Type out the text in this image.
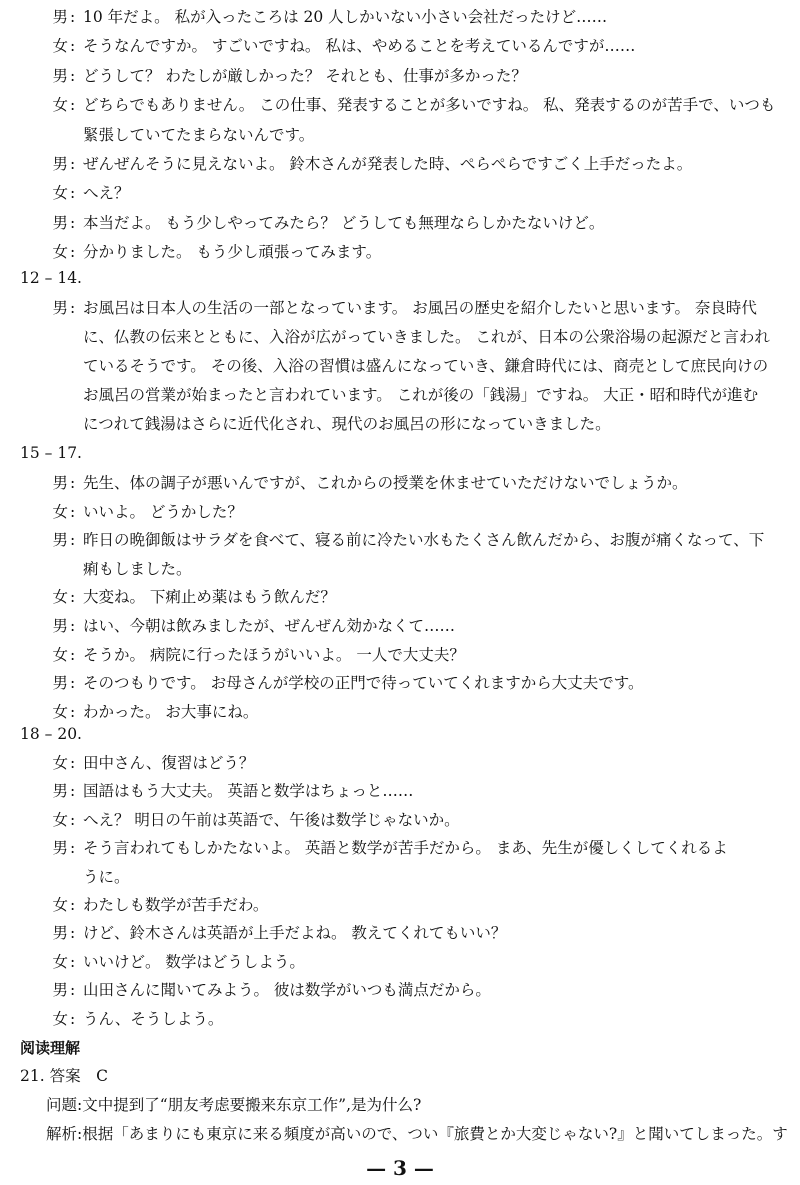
男 : 10 年だよ。 私が入ったころは 20 人しかいない小さい会社だったけど……
女 : そうなんですか。 すごいですね。 私は、やめることを考えているんですが……
男 : どうして？ わたしが厳しかった？ それとも、仕事が多かった？
女 : どちらでもありません。 この仕事、発表することが多いですね。 私、発表するのが苦手で、いつも
緊張していてたまらないんです。
男 : ぜんぜんそうに見えないよ。 鈴木さんが発表した時、ぺらぺらですごく上手だったよ。
女 : へえ？
男 : 本当だよ。 もう少しやってみたら？ どうしても無理ならしかたないけど。
女 : 分かりました。 もう少し頑張ってみます。
12 – 14.
男 : お風呂は日本人の生活の一部となっています。 お風呂の歴史を紹介したいと思います。 奈良時代
に、仏教の伝来とともに、入浴が広がっていきました。 これが、日本の公衆浴場の起源だと言われ
ているそうです。 その後、入浴の習慣は盛んになっていき、鎌倉時代には、商売として庶民向けの
お風呂の営業が始まったと言われています。 これが後の「銭湯」ですね。 大正・昭和時代が進む
につれて銭湯はさらに近代化され、現代のお風呂の形になっていきました。
15 – 17.
男 : 先生、体の調子が悪いんですが、これからの授業を休ませていただけないでしょうか。
女 : いいよ。 どうかした？
男 : 昨日の晩御飯はサラダを食べて、寝る前に冷たい水もたくさん飲んだから、お腹が痛くなって、下
痢もしました。
女 : 大変ね。 下痢止め薬はもう飲んだ？
男 : はい、今朝は飲みましたが、ぜんぜん効かなくて……
女 : そうか。 病院に行ったほうがいいよ。 一人で大丈夫？
男 : そのつもりです。 お母さんが学校の正門で待っていてくれますから大丈夫です。
女 : わかった。 お大事にね。
18 – 20.
女 : 田中さん、復習はどう？
男 : 国語はもう大丈夫。 英語と数学はちょっと……
女 : へえ？ 明日の午前は英語で、午後は数学じゃないか。
男 : そう言われてもしかたないよ。 英語と数学が苦手だから。 まあ、先生が優しくしてくれるよ
うに。
女 : わたしも数学が苦手だわ。
男 : けど、鈴木さんは英語が上手だよね。 教えてくれてもいい？
女 : いいけど。 数学はどうしよう。
男 : 山田さんに聞いてみよう。 彼は数学がいつも満点だから。
女 : うん、そうしよう。
阅读理解
21. 答案　C
问题:文中提到了“朋友考虑要搬来东京工作”,是为什么?
解析:根据「あまりにも東京に来る頻度が高いので、つい『旅費とか大変じゃない?』と聞いてしまった。す
— 3 —
